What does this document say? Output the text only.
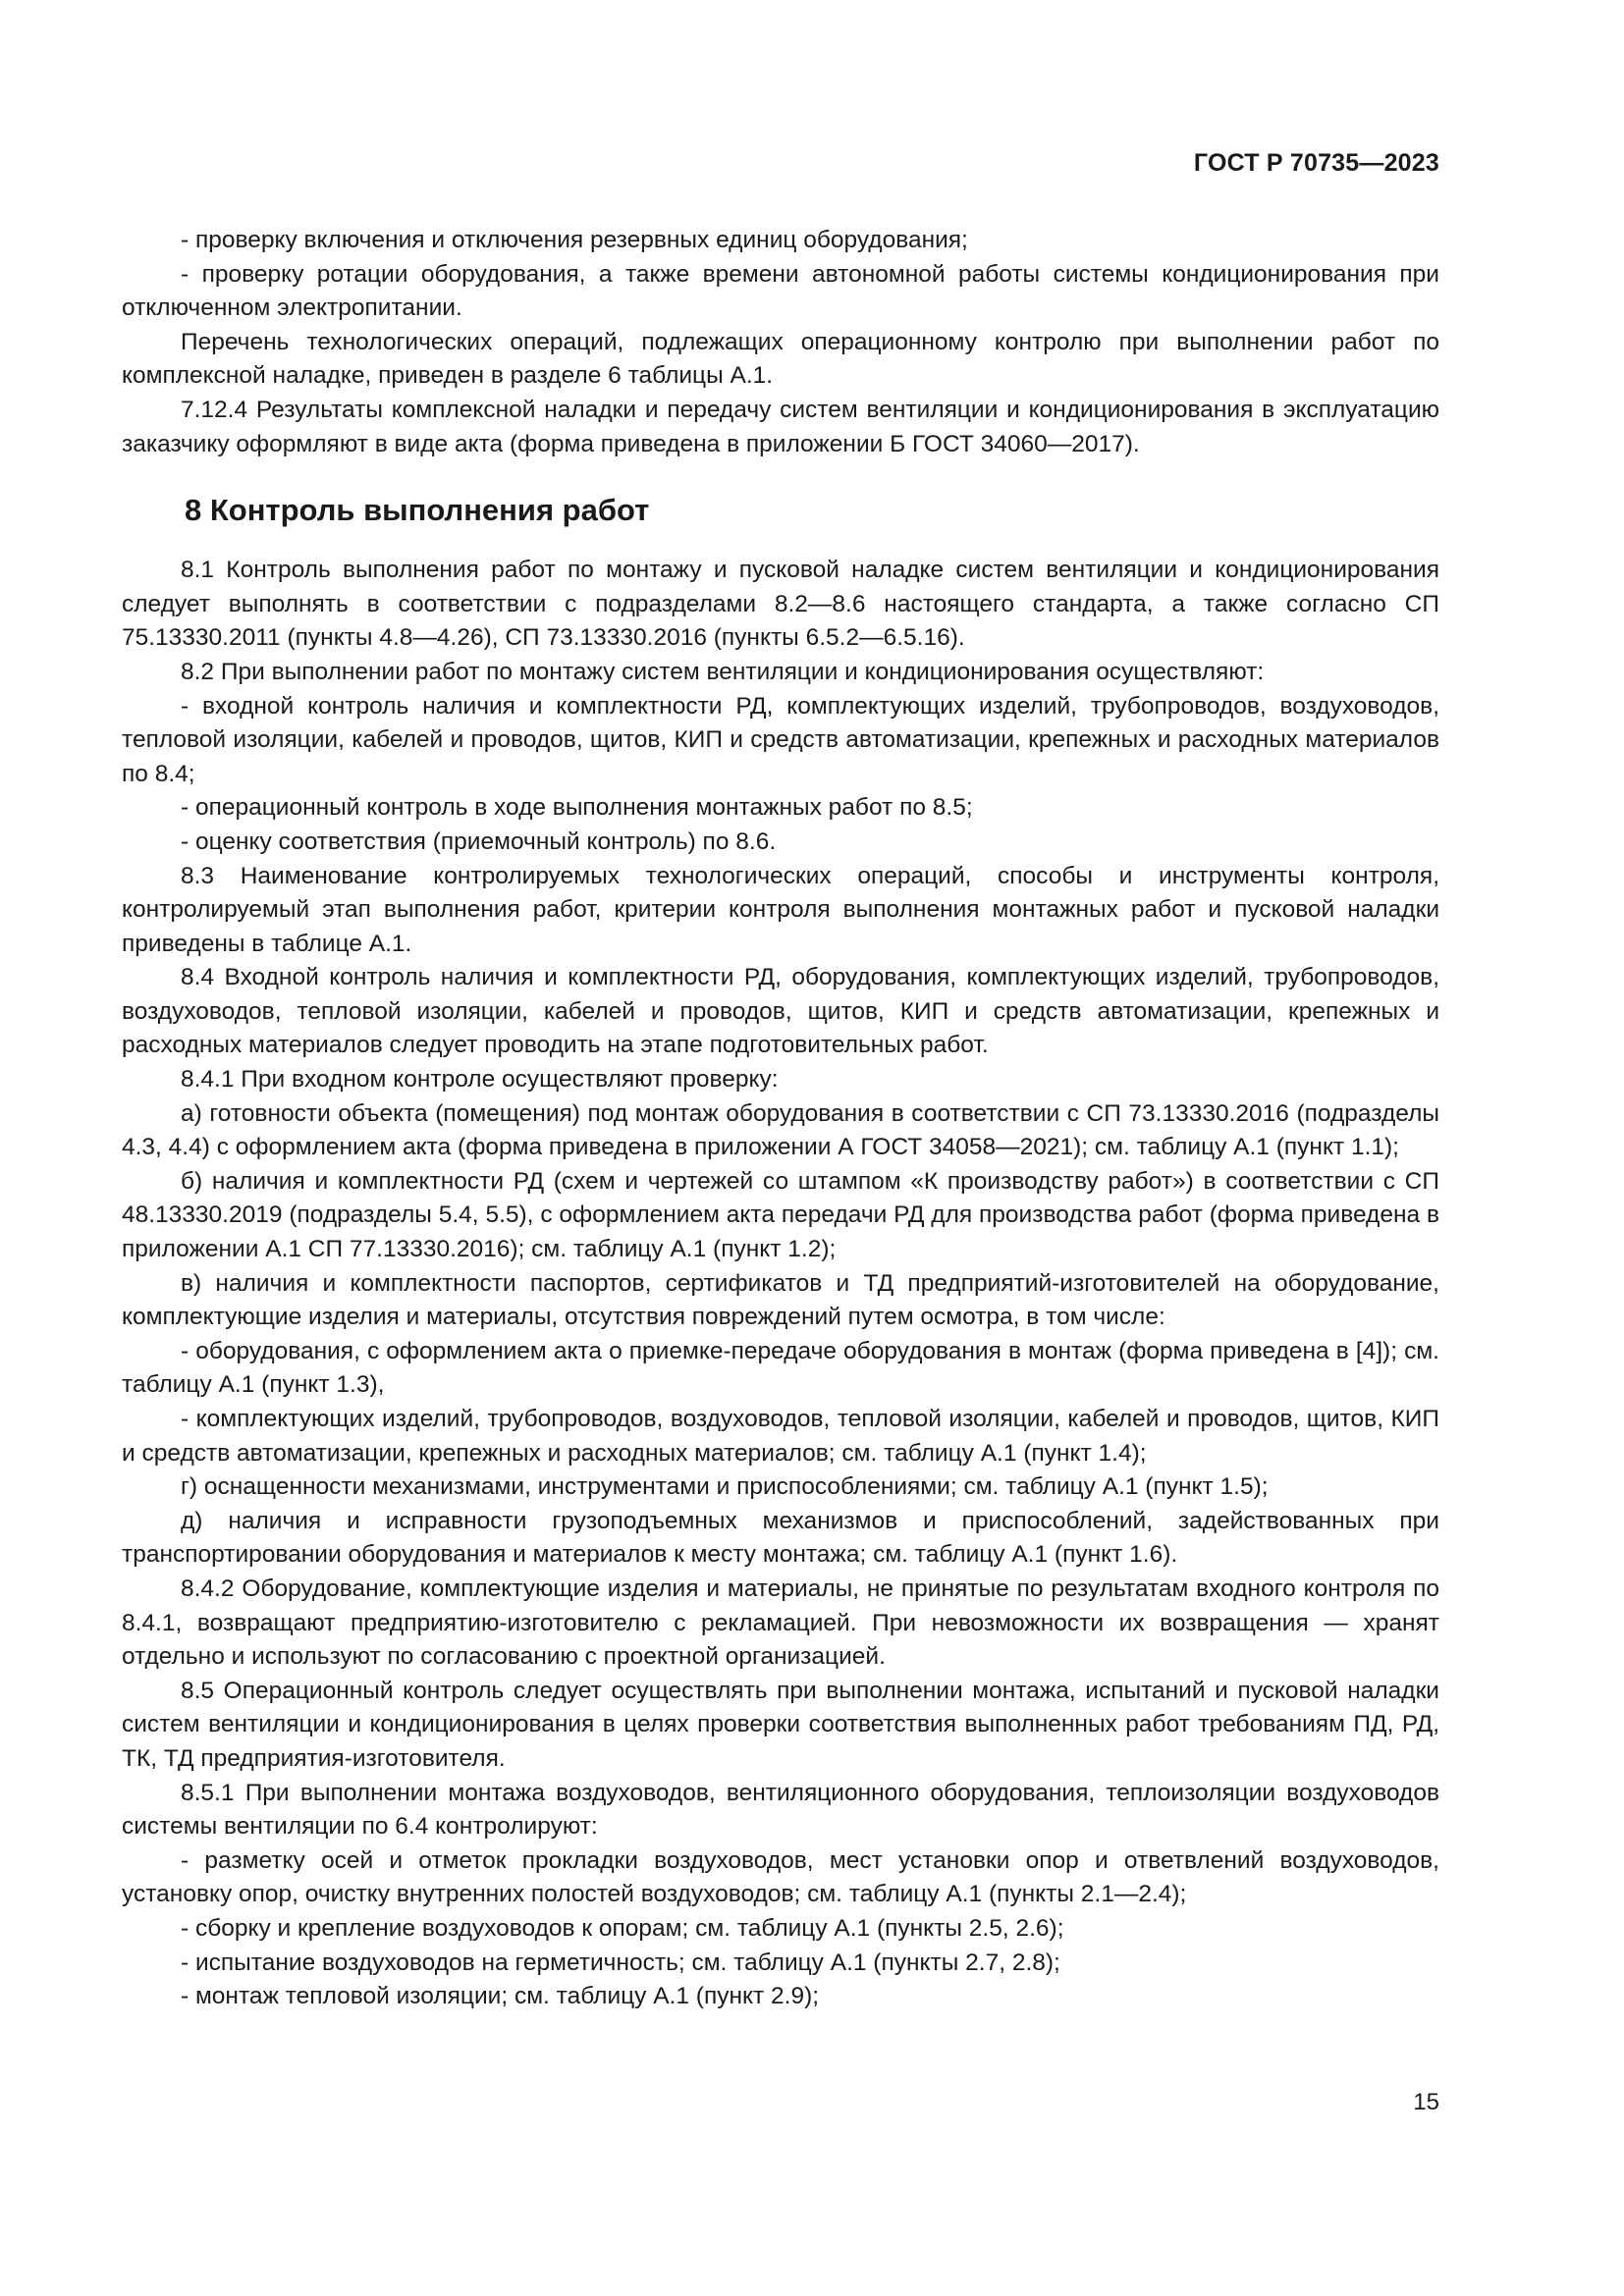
ГОСТ Р 70735—2023

- проверку включения и отключения резервных единиц оборудования;

- проверку ротации оборудования, а также времени автономной работы системы кондиционирования при отключенном электропитании.

Перечень технологических операций, подлежащих операционному контролю при выполнении работ по комплексной наладке, приведен в разделе 6 таблицы А.1.

7.12.4 Результаты комплексной наладки и передачу систем вентиляции и кондиционирования в эксплуатацию заказчику оформляют в виде акта (форма приведена в приложении Б ГОСТ 34060—2017).

8 Контроль выполнения работ

8.1 Контроль выполнения работ по монтажу и пусковой наладке систем вентиляции и кондиционирования следует выполнять в соответствии с подразделами 8.2—8.6 настоящего стандарта, а также согласно СП 75.13330.2011 (пункты 4.8—4.26), СП 73.13330.2016 (пункты 6.5.2—6.5.16).

8.2 При выполнении работ по монтажу систем вентиляции и кондиционирования осуществляют:

- входной контроль наличия и комплектности РД, комплектующих изделий, трубопроводов, воздуховодов, тепловой изоляции, кабелей и проводов, щитов, КИП и средств автоматизации, крепежных и расходных материалов по 8.4;

- операционный контроль в ходе выполнения монтажных работ по 8.5;

- оценку соответствия (приемочный контроль) по 8.6.

8.3 Наименование контролируемых технологических операций, способы и инструменты контроля, контролируемый этап выполнения работ, критерии контроля выполнения монтажных работ и пусковой наладки приведены в таблице А.1.

8.4 Входной контроль наличия и комплектности РД, оборудования, комплектующих изделий, трубопроводов, воздуховодов, тепловой изоляции, кабелей и проводов, щитов, КИП и средств автоматизации, крепежных и расходных материалов следует проводить на этапе подготовительных работ.

8.4.1 При входном контроле осуществляют проверку:

а) готовности объекта (помещения) под монтаж оборудования в соответствии с СП 73.13330.2016 (подразделы 4.3, 4.4) с оформлением акта (форма приведена в приложении А ГОСТ 34058—2021); см. таблицу А.1 (пункт 1.1);

б) наличия и комплектности РД (схем и чертежей со штампом «К производству работ») в соответствии с СП 48.13330.2019 (подразделы 5.4, 5.5), с оформлением акта передачи РД для производства работ (форма приведена в приложении А.1 СП 77.13330.2016); см. таблицу А.1 (пункт 1.2);

в) наличия и комплектности паспортов, сертификатов и ТД предприятий-изготовителей на оборудование, комплектующие изделия и материалы, отсутствия повреждений путем осмотра, в том числе:

- оборудования, с оформлением акта о приемке-передаче оборудования в монтаж (форма приведена в [4]); см. таблицу А.1 (пункт 1.3),

- комплектующих изделий, трубопроводов, воздуховодов, тепловой изоляции, кабелей и проводов, щитов, КИП и средств автоматизации, крепежных и расходных материалов; см. таблицу А.1 (пункт 1.4);

г) оснащенности механизмами, инструментами и приспособлениями; см. таблицу А.1 (пункт 1.5);

д) наличия и исправности грузоподъемных механизмов и приспособлений, задействованных при транспортировании оборудования и материалов к месту монтажа; см. таблицу А.1 (пункт 1.6).

8.4.2 Оборудование, комплектующие изделия и материалы, не принятые по результатам входного контроля по 8.4.1, возвращают предприятию-изготовителю с рекламацией. При невозможности их возвращения — хранят отдельно и используют по согласованию с проектной организацией.

8.5 Операционный контроль следует осуществлять при выполнении монтажа, испытаний и пусковой наладки систем вентиляции и кондиционирования в целях проверки соответствия выполненных работ требованиям ПД, РД, ТК, ТД предприятия-изготовителя.

8.5.1 При выполнении монтажа воздуховодов, вентиляционного оборудования, теплоизоляции воздуховодов системы вентиляции по 6.4 контролируют:

- разметку осей и отметок прокладки воздуховодов, мест установки опор и ответвлений воздуховодов, установку опор, очистку внутренних полостей воздуховодов; см. таблицу А.1 (пункты 2.1—2.4);

- сборку и крепление воздуховодов к опорам; см. таблицу А.1 (пункты 2.5, 2.6);

- испытание воздуховодов на герметичность; см. таблицу А.1 (пункты 2.7, 2.8);

- монтаж тепловой изоляции; см. таблицу А.1 (пункт 2.9);

15
